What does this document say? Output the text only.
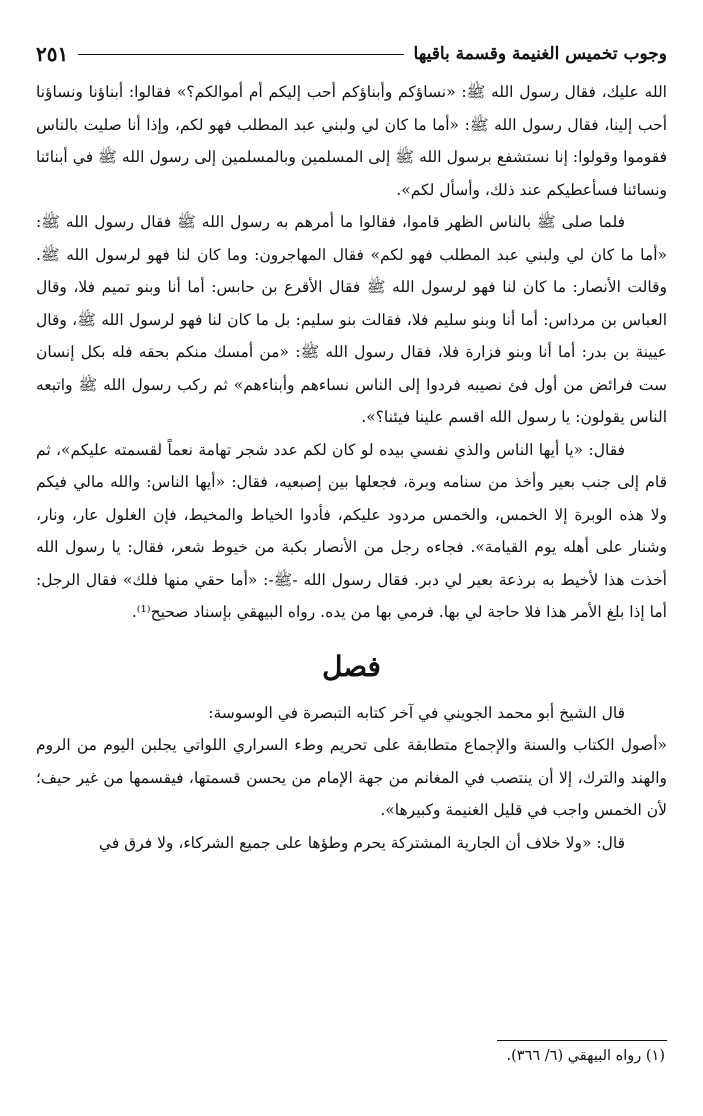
وجوب تخميس الغنيمة وقسمة باقيها
٢٥١

الله عليك، فقال رسول الله ﷺ: «نساؤكم وأبناؤكم أحب إليكم أم أموالكم؟» فقالوا: أبناؤنا ونساؤنا أحب إلينا، فقال رسول الله ﷺ: «أما ما كان لي ولبني عبد المطلب فهو لكم، وإذا أنا صليت بالناس فقوموا وقولوا: إنا نستشفع برسول الله ﷺ إلى المسلمين وبالمسلمين إلى رسول الله ﷺ في أبنائنا ونسائنا فسأعطيكم عند ذلك، وأسأل لكم».

فلما صلى ﷺ بالناس الظهر قاموا، فقالوا ما أمرهم به رسول الله ﷺ فقال رسول الله ﷺ: «أما ما كان لي ولبني عبد المطلب فهو لكم» فقال المهاجرون: وما كان لنا فهو لرسول الله ﷺ. وقالت الأنصار: ما كان لنا فهو لرسول الله ﷺ فقال الأقرع بن حابس: أما أنا وبنو تميم فلا، وقال العباس بن مرداس: أما أنا وبنو سليم فلا، فقالت بنو سليم: بل ما كان لنا فهو لرسول الله ﷺ، وقال عيينة بن بدر: أما أنا وبنو فزارة فلا، فقال رسول الله ﷺ: «من أمسك منكم بحقه فله بكل إنسان ست فرائض من أول فئ نصيبه فردوا إلى الناس نساءهم وأبناءهم» ثم ركب رسول الله ﷺ واتبعه الناس يقولون: يا رسول الله اقسم علينا فيئنا؟».

فقال: «يا أيها الناس والذي نفسي بيده لو كان لكم عدد شجر تهامة نعماً لقسمته عليكم»، ثم قام إلى جنب بعير وأخذ من سنامه وبرة، فجعلها بين إصبعيه، فقال: «أيها الناس: والله مالي فيكم ولا هذه الوبرة إلا الخمس، والخمس مردود عليكم، فأدوا الخياط والمخيط، فإن الغلول عار، ونار، وشنار على أهله يوم القيامة». فجاءه رجل من الأنصار بكبة من خيوط شعر، فقال: يا رسول الله أخذت هذا لأخيط به برذعة بعير لي دبر. فقال رسول الله -ﷺ-: «أما حقي منها فلك» فقال الرجل: أما إذا بلغ الأمر هذا فلا حاجة لي بها. فرمي بها من يده. رواه البيهقي بإسناد صحيح⁽¹⁾.

فصل

قال الشيخ أبو محمد الجويني في آخر كتابه التبصرة في الوسوسة:

«أصول الكتاب والسنة والإجماع متطابقة على تحريم وطء السراري اللواتي يجلبن اليوم من الروم والهند والترك، إلا أن ينتصب في المغانم من جهة الإمام من يحسن قسمتها، فيقسمها من غير حيف؛ لأن الخمس واجب في قليل الغنيمة وكبيرها».

قال: «ولا خلاف أن الجارية المشتركة يحرم وطؤها على جميع الشركاء، ولا فرق في

(١) رواه البيهقي (٦/ ٣٦٦).
